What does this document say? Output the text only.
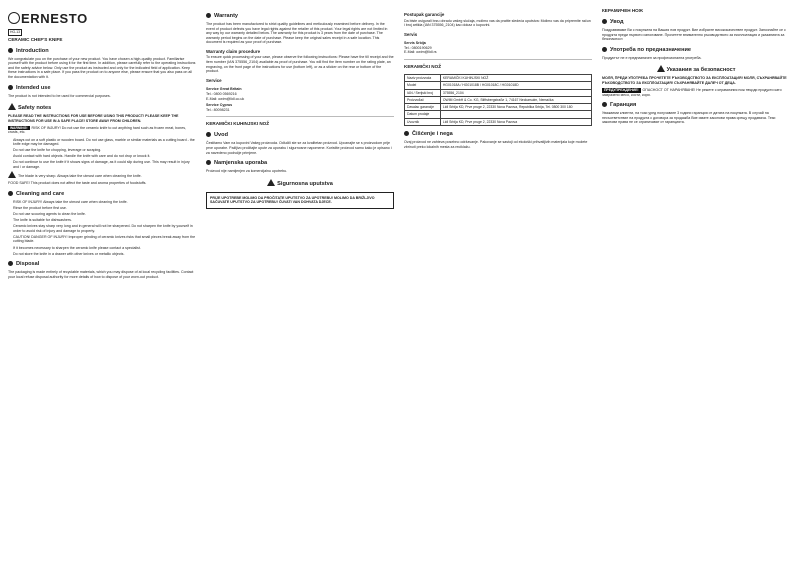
ERNESTO
HG-13
CERAMIC CHEF'S KNIFE
Introduction
We congratulate you on the purchase of your new product. You have chosen a high-quality product. Familiarise yourself with the product before using it for the first time. In addition, please carefully refer to the operating instructions and the safety advice below. Only use the product as instructed and only for the indicated field of application. Keep these instructions in a safe place. If you pass the product on to anyone else, please ensure that you also pass on all the documentation with it.
Intended use
The product is not intended to be used for commercial purposes.
Safety notes
PLEASE READ THE INSTRUCTIONS FOR USE BEFORE USING THIS PRODUCT! PLEASE KEEP THE INSTRUCTIONS FOR USE IN A SAFE PLACE! STORE AWAY FROM CHILDREN.
WARNING! RISK OF INJURY! Do not use the ceramic knife to cut anything hard such as frozen meat, bones, crusts, etc.
Always cut on a soft plastic or wooden board. Do not use glass, marble or similar materials as a cutting board - the knife edge may be damaged.
Do not use the knife for chopping, leverage or scraping.
Avoid contact with hard objects. Handle the knife with care and do not drop or knock it.
Do not continue to use the knife if it shows signs of damage, as it could slip during use. This may result in injury and / or damage.
The blade is very sharp. Always take the utmost care when cleaning the knife.
FOOD SAFE! This product does not affect the taste and aroma properties of foodstuffs.
Cleaning and care
RISK OF INJURY! Always take the utmost care when cleaning the knife.
Rinse the product before first use.
Do not use scouring agents to clean the knife.
The knife is suitable for dishwashers.
Ceramic knives stay sharp very long and in general will not be sharpened. Do not sharpen the knife by yourself in order to avoid risk of injury and damage to property.
CAUTION! DANGER OF INJURY! Improper grinding of ceramic knives risks that small pieces break away from the cutting blade.
If it becomes necessary to sharpen the ceramic knife please contact a specialist.
Do not store the knife in a drawer with other knives or metallic objects.
Disposal
The packaging is made entirely of recyclable materials, which you may dispose of at local recycling facilities. Contact your local refuse disposal authority for more details of how to dispose of your worn-out product.
Warranty
The product has been manufactured to strict quality guidelines and meticulously examined before delivery. In the event of product defects you have legal rights against the retailer of this product. Your legal rights are not limited in any way by our warranty detailed below. The warranty for this product is 3 years from the date of purchase. The warranty period begins on the date of purchase. Please keep the original sales receipt in a safe location. This document is required as your proof of purchase.
Warranty claim procedure
To ensure quick processing of your case, please observe the following instructions: Please have the till receipt and the item number (IAN 375556_2104) available as proof of purchase. You will find the item number on the rating plate, an engraving, on the front page of the instructions for use (bottom left), or as a sticker on the rear or bottom of the product.
Service
Service Great Britain
Tel.: 0800 0569216
E-Mail: owim@lidl.co.uk
Service Cyprus
Tel.: 80098231
KERAMIČKI KUHINJSKI NOŽ
Uvod
Čestitamo Vam na kupovini Vašeg proizvoda. Odlučili ste se za kvalitetan proizvod. Upoznajte se s proizvodom prije prve uporabe. Pažljivo pročitajte upute za uporabu i sigurnosne napomene. Koristite proizvod samo kako je opisano i za navedeno područje primjene.
Namjenska uporaba
Proizvod nije namijenjen za komercijalnu upotrebu.
Sigurnosna uputstva
PRIJE UPOTREBE MOLIMO DA PROČITATE UPUTSTVO ZA UPOTREBU! MOLIMO DA BRIŽLJIVO SAČUVATE UPUTSTVO ZA UPOTREBU! ČUVATI VAN DOHVATA DJECE.
Postupak garancije
Da biste osigurali brzu obradu vašeg slučaja, molimo vas da pratite sledeća uputstva: Molimo vas da pripremite račun i broj artikla (IAN 375556_2104) kao dokaz o kupovini.
Servis
Servis Srbija
Tel.: 0800190629
E-Mail: owim@lidl.rs
KERAMIČKI NOŽ
Naziv proizvoda	KERAMIČKI KUHINJSKI NOŽ
Model	HG01018A / HG01018B / HG01018C / HG01018D
IAN / Serijski broj	375556_2104
Proizvođač	OWIM GmbH & Co. KG, Stiftsbergstraße 1, 74167 Neckarsulm, Nemačka
Davalac garancije	Lidl Srbija KD, Prve pruge 2, 22330 Nova Pazova, Republika Srbija, Tel. 0800 300 180
Datum prodaje	
Uvoznik	Lidl Srbija KD, Prve pruge 2, 22330 Nova Pazova
Čišćenje i nega
Ovaj proizvod ne zahteva posebno održavanje. Pakovanje se sastoji od ekološki prihvatljivih materijala koje možete zbrinuti preko lokalnih mesta za reciklažu.
КЕРАМИЧЕН НОЖ
Увод
Поздравяваме Ви с покупката на Вашия нов продукт. Вие избрахте висококачествен продукт. Запознайте се с продукта преди първото използване. Прочетете внимателно ръководството за експлоатация и указанията за безопасност.
Употреба по предназначение
Продуктът не е предназначен за професионална употреба.
Указания за безопасност
МОЛЯ, ПРЕДИ УПОТРЕБА ПРОЧЕТЕТЕ РЪКОВОДСТВОТО ЗА ЕКСПЛОАТАЦИЯ! МОЛЯ, СЪХРАНЯВАЙТЕ РЪКОВОДСТВОТО ЗА ЕКСПЛОАТАЦИЯ! СЪХРАНЯВАЙТЕ ДАЛЕЧ ОТ ДЕЦА.
ПРЕДУПРЕЖДЕНИЕ! ОПАСНОСТ ОТ НАРАНЯВАНЕ! Не режете с керамичния нож твърди продукти като замразено месо, кости, кори.
Гаранция
Уважаеми клиенти, на този уред получавате 3 години гаранция от датата на покупката. В случай на несъответствие на продукта с договора за продажба Вие имате законови права срещу продавача. Тези законови права не се ограничават от гаранцията.
